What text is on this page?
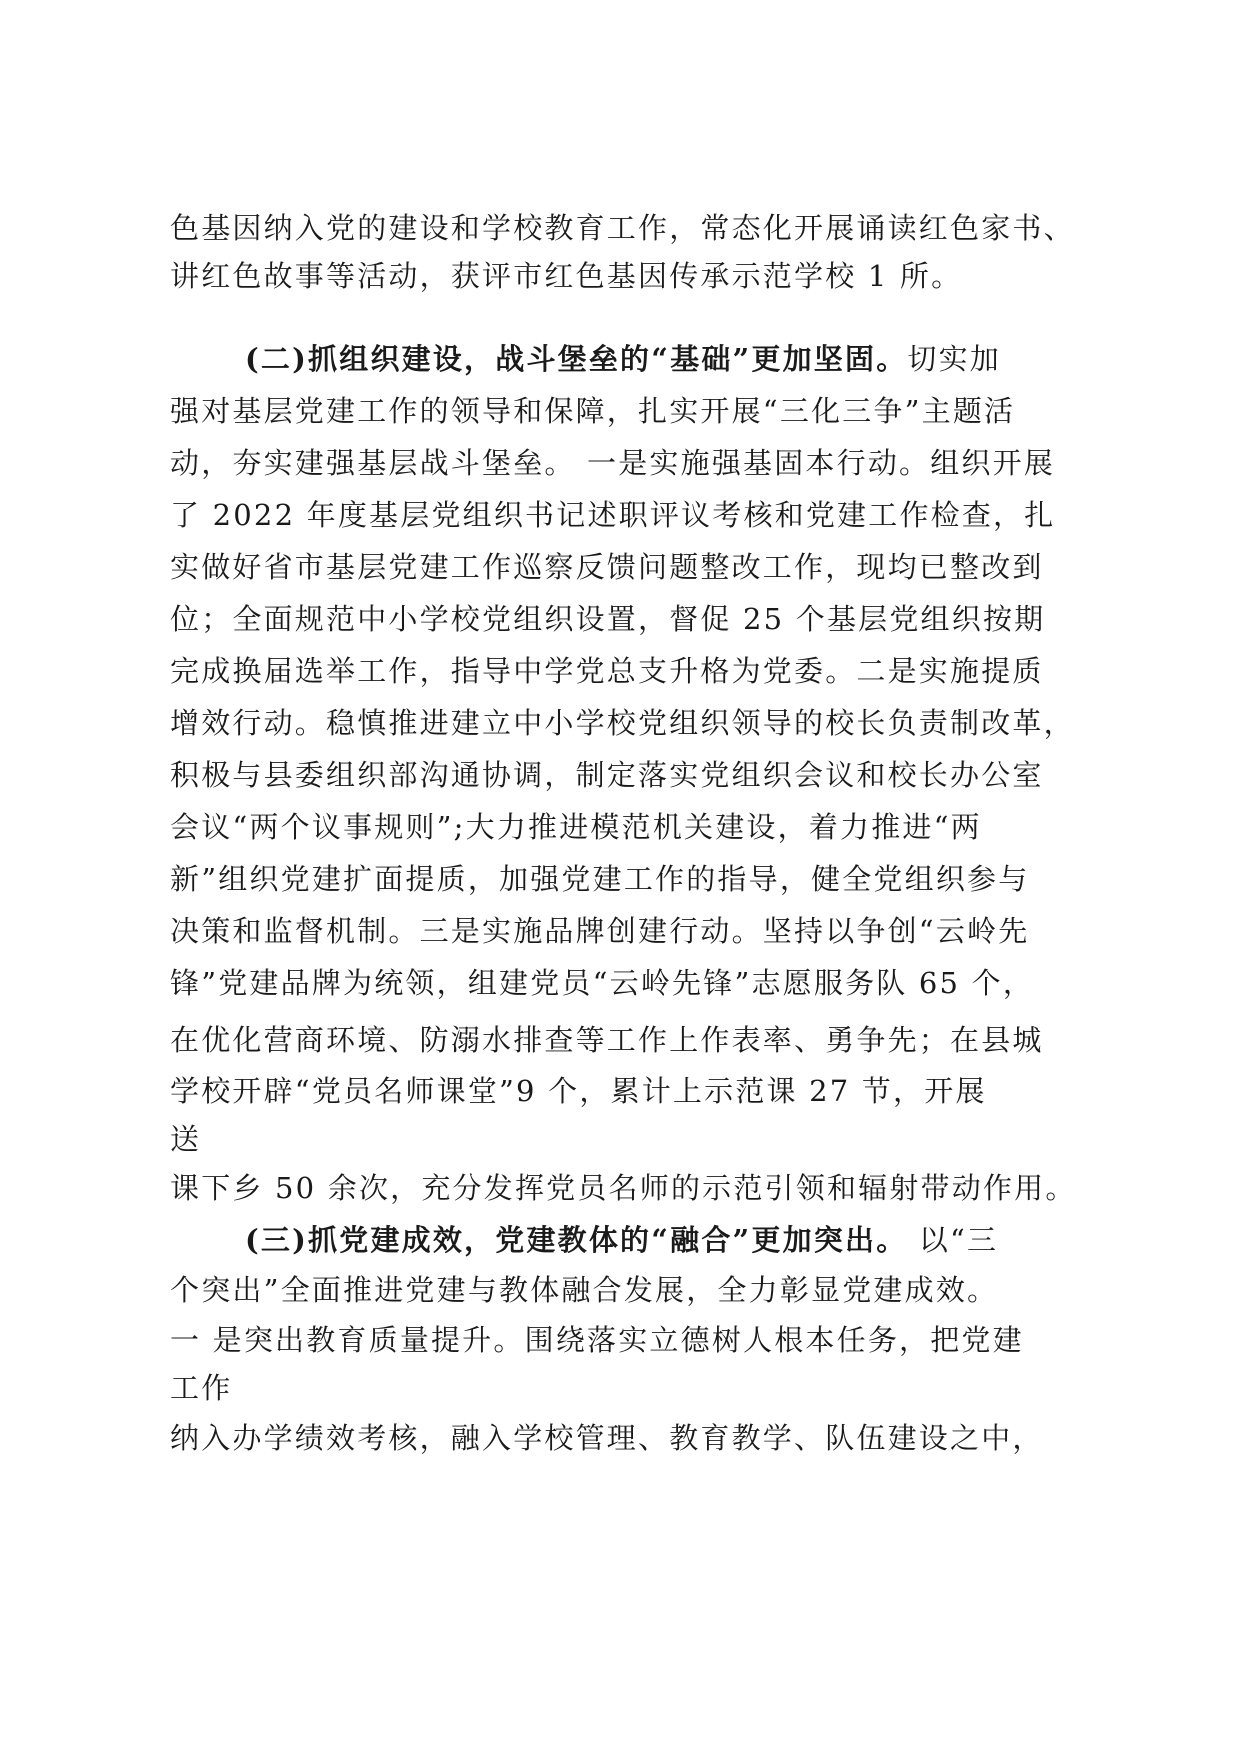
色基因纳入党的建设和学校教育工作，常态化开展诵读红色家书、
讲红色故事等活动，获评市红色基因传承示范学校 1 所。
(二)抓组织建设，战斗堡垒的“基础”更加坚固。切实加
强对基层党建工作的领导和保障，扎实开展“三化三争”主题活
动，夯实建强基层战斗堡垒。 一是实施强基固本行动。组织开展
了 2022 年度基层党组织书记述职评议考核和党建工作检查，扎
实做好省市基层党建工作巡察反馈问题整改工作，现均已整改到
位；全面规范中小学校党组织设置，督促 25 个基层党组织按期
完成换届选举工作，指导中学党总支升格为党委。二是实施提质
增效行动。稳慎推进建立中小学校党组织领导的校长负责制改革，
积极与县委组织部沟通协调，制定落实党组织会议和校长办公室
会议“两个议事规则”;大力推进模范机关建设，着力推进“两
新”组织党建扩面提质，加强党建工作的指导，健全党组织参与
决策和监督机制。三是实施品牌创建行动。坚持以争创“云岭先
锋”党建品牌为统领，组建党员“云岭先锋”志愿服务队 65 个，
在优化营商环境、防溺水排查等工作上作表率、勇争先；在县城
学校开辟“党员名师课堂”9 个，累计上示范课 27 节，开展
送
课下乡 50 余次，充分发挥党员名师的示范引领和辐射带动作用。
(三)抓党建成效，党建教体的“融合”更加突出。 以“三
个突出”全面推进党建与教体融合发展，全力彰显党建成效。
一 是突出教育质量提升。围绕落实立德树人根本任务，把党建
工作
纳入办学绩效考核，融入学校管理、教育教学、队伍建设之中，
